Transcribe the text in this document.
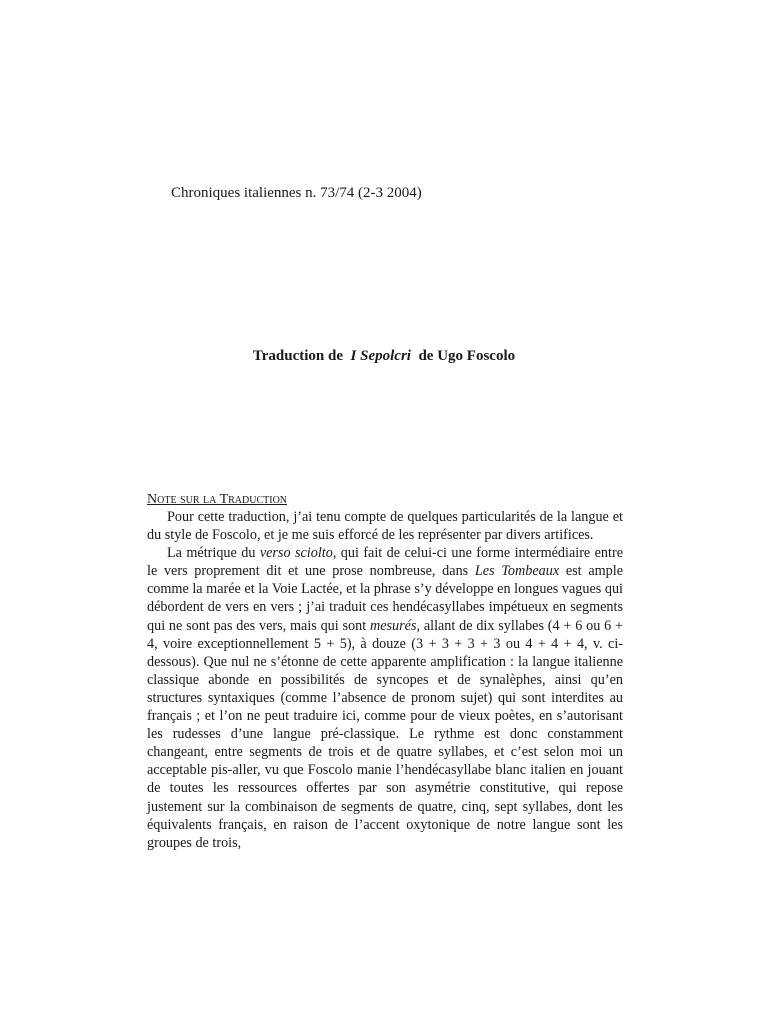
Chroniques italiennes n. 73/74 (2-3 2004)
Traduction de I Sepolcri de Ugo Foscolo
Note sur la Traduction

Pour cette traduction, j’ai tenu compte de quelques particularités de la langue et du style de Foscolo, et je me suis efforcé de les représenter par divers artifices.

La métrique du verso sciolto, qui fait de celui-ci une forme intermédiaire entre le vers proprement dit et une prose nombreuse, dans Les Tombeaux est ample comme la marée et la Voie Lactée, et la phrase s’y développe en longues vagues qui débordent de vers en vers ; j’ai traduit ces hendécasyllabes impétueux en segments qui ne sont pas des vers, mais qui sont mesurés, allant de dix syllabes (4 + 6 ou 6 + 4, voire exceptionnellement 5 + 5), à douze (3 + 3 + 3 + 3 ou 4 + 4 + 4, v. ci-dessous). Que nul ne s’étonne de cette apparente amplification : la langue italienne classique abonde en possibilités de syncopes et de synalèphes, ainsi qu’en structures syntaxiques (comme l’absence de pronom sujet) qui sont interdites au français ; et l’on ne peut traduire ici, comme pour de vieux poètes, en s’autorisant les rudesses d’une langue pré-classique. Le rythme est donc constamment changeant, entre segments de trois et de quatre syllabes, et c’est selon moi un acceptable pis-aller, vu que Foscolo manie l’hendécasyllabe blanc italien en jouant de toutes les ressources offertes par son asymétrie constitutive, qui repose justement sur la combinaison de segments de quatre, cinq, sept syllabes, dont les équivalents français, en raison de l’accent oxytonique de notre langue sont les groupes de trois,
